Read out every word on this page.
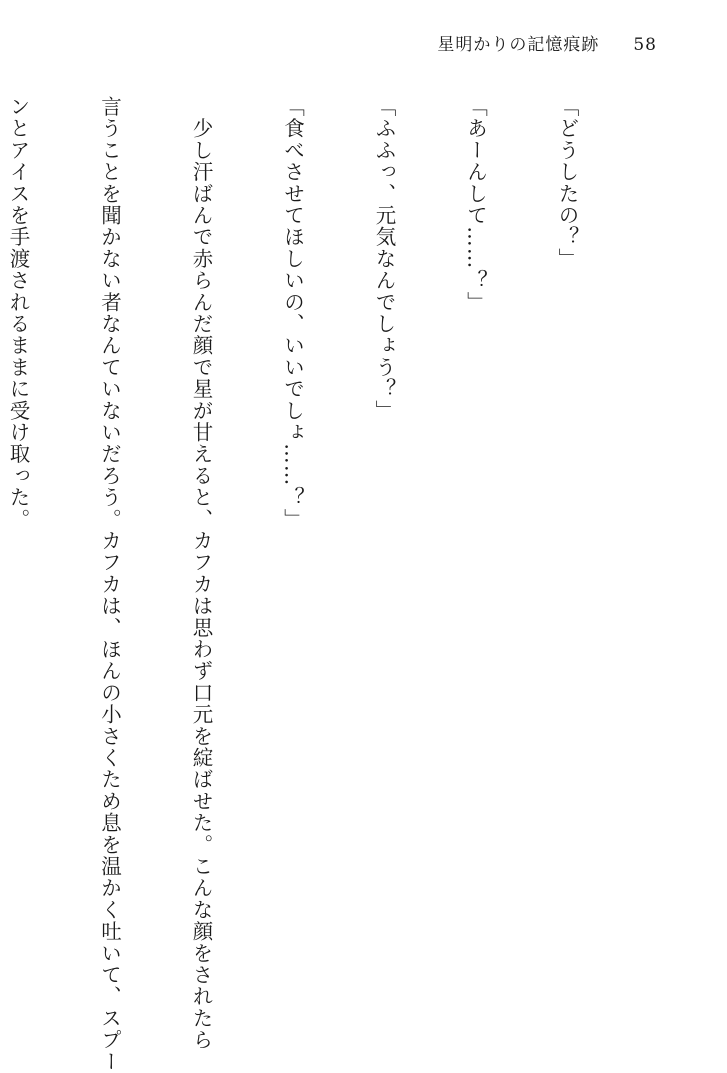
星明かりの記憶痕跡 58

「どうしたの？」

「あーんして……？」

「ふふっ、元気なんでしょう？」

「食べさせてほしいの、いいでしょ……？」

　少し汗ばんで赤らんだ顔で星が甘えると、カフカは思わず口元を綻ばせた。こんな顔をされたら

言うことを聞かない者なんていないだろう。カフカは、ほんの小さくため息を温かく吐いて、スプー

ンとアイスを手渡されるままに受け取った。
